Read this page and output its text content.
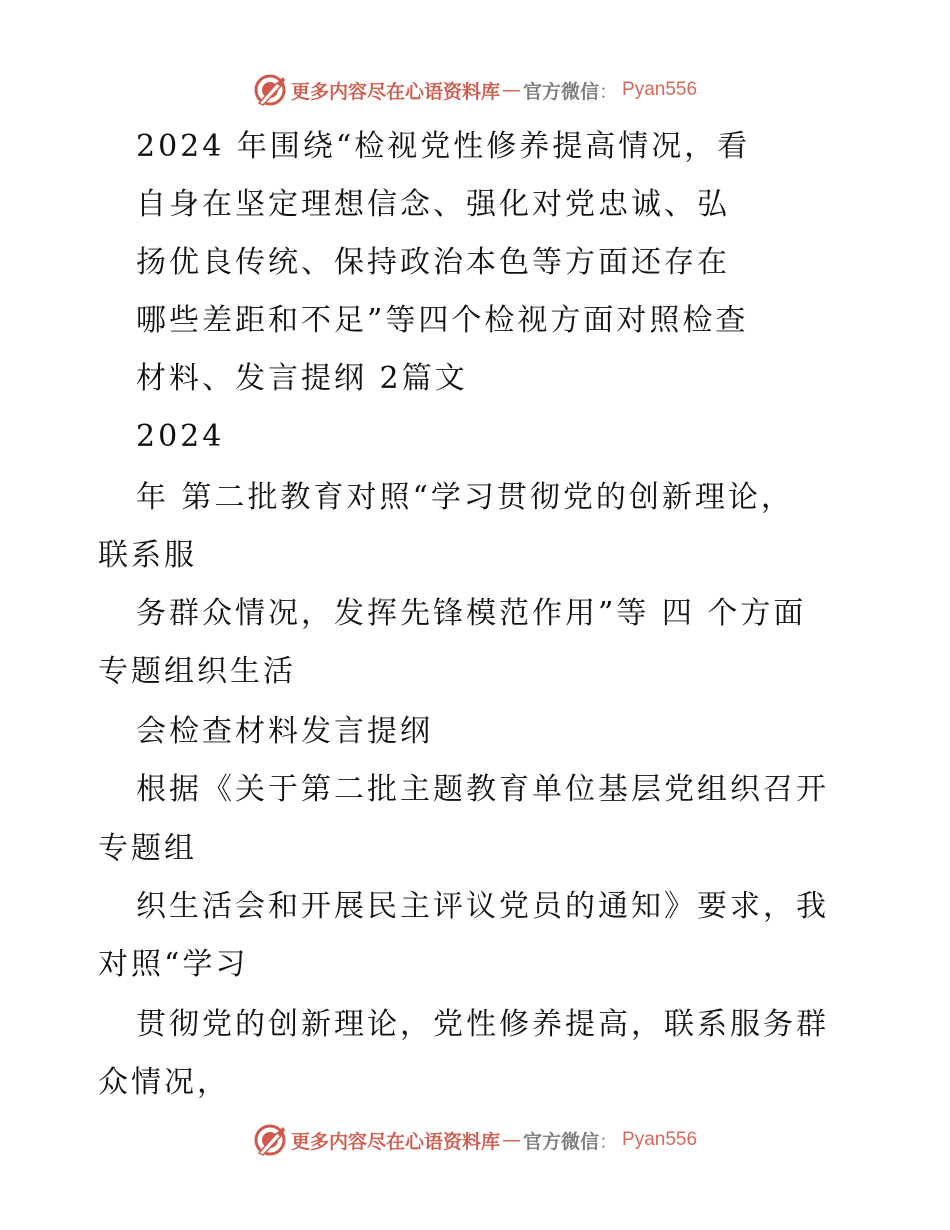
更多内容尽在心语资料库 — 官方微信 ： Pyan556
2024 年围绕“检视党性修养提高情况，看
自身在坚定理想信念、强化对党忠诚、弘
扬优良传统、保持政治本色等方面还存在
哪些差距和不足”等四个检视方面对照检查
材料、发言提纲 2篇文
2024
年 第二批教育对照“学习贯彻党的创新理论，
联系服
务群众情况，发挥先锋模范作用”等 四 个方面
专题组织生活
会检查材料发言提纲
根据《关于第二批主题教育单位基层党组织召开
专题组
织生活会和开展民主评议党员的通知》要求，我
对照“学习
贯彻党的创新理论，党性修养提高，联系服务群
众情况，
更多内容尽在心语资料库 — 官方微信 ： Pyan556
